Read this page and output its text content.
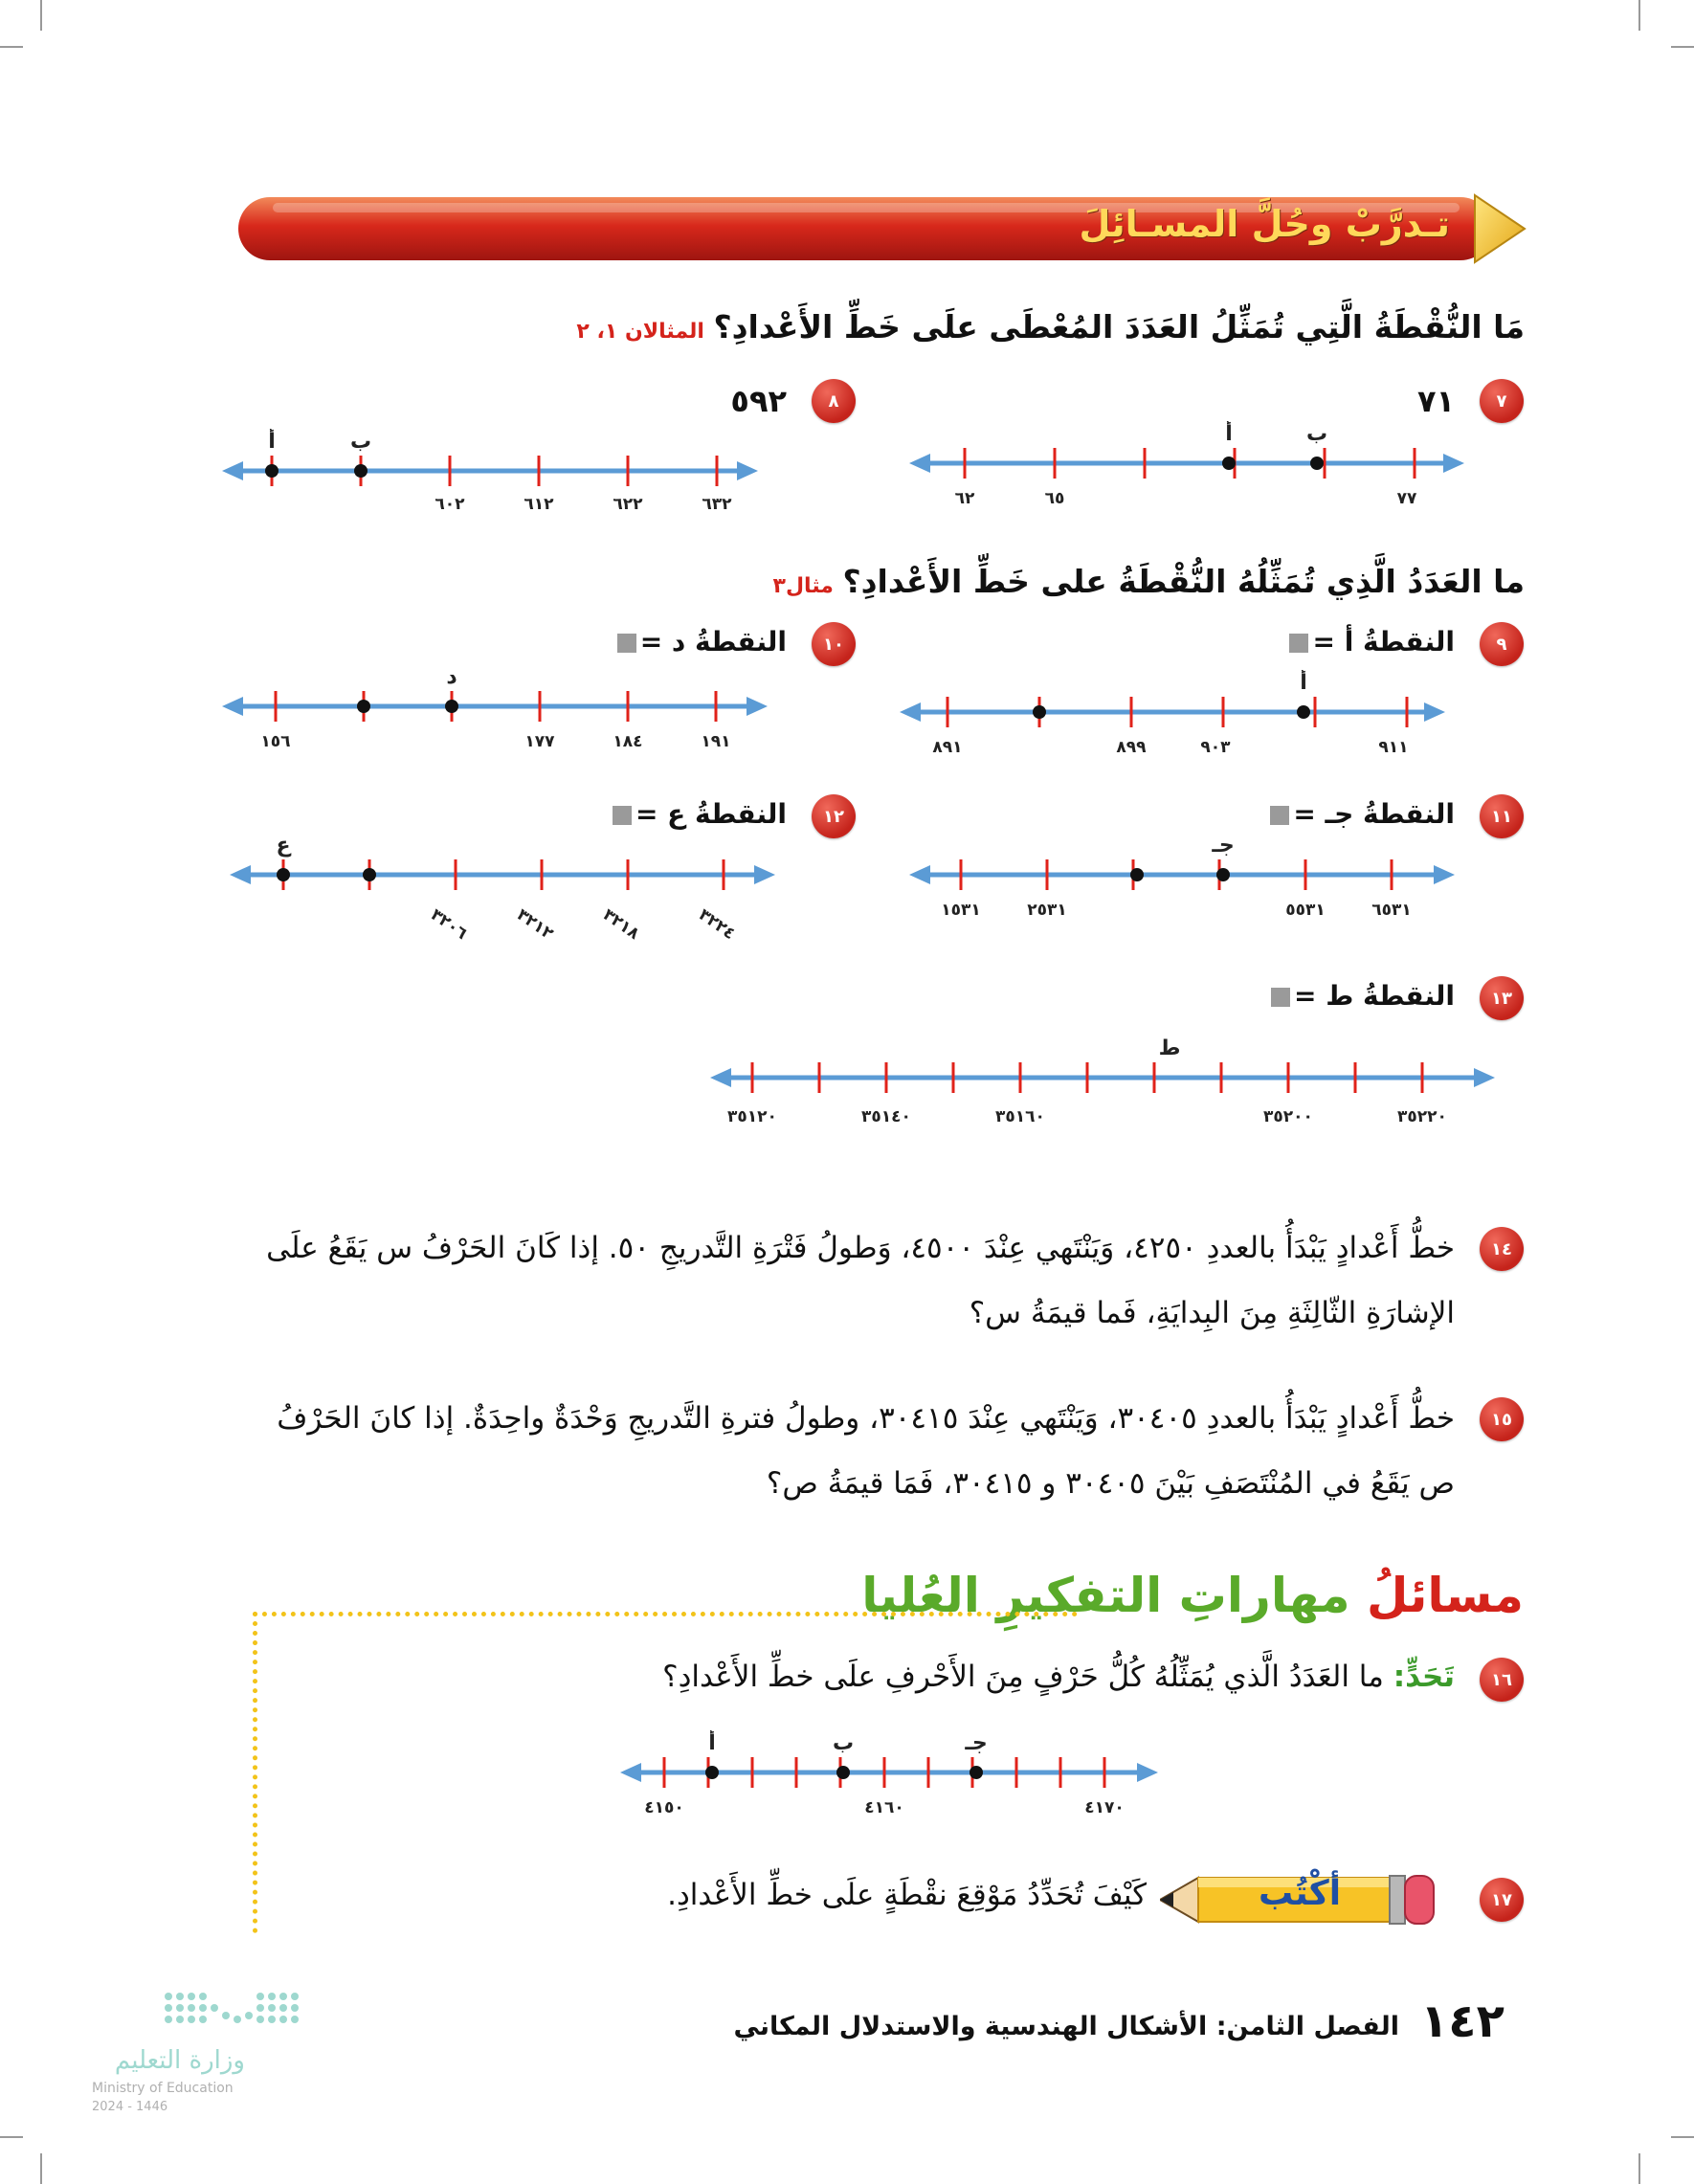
تـدرَّبْ وحُلَّ المسـائِلَ
مَا النُّقْطَةُ الَّتِي تُمَثِّلُ العَدَدَ المُعْطَى علَى خَطِّ الأَعْدادِ؟ المثالان ١، ٢
٧
٧١
أ	ب
٦٢	٦٥	٧٧
٨
٥٩٢
أ	ب
٦٠٢	٦١٢	٦٢٢	٦٣٢
ما العَدَدُ الَّذِي تُمَثِّلُهُ النُّقْطَةُ على خَطِّ الأَعْدادِ؟ مثال٣
٩
النقطةُ أ =
أ
٨٩١	٨٩٩	٩٠٣	٩١١
١٠
النقطةُ د =
د
١٥٦	١٧٧	١٨٤	١٩١
١١
النقطةُ جـ =
جـ
١٥٣١	٢٥٣١	٥٥٣١	٦٥٣١
١٢
النقطةُ ع =
ع
٣٢٠٦	٣٢١٢	٣٢١٨	٣٢٢٤
١٣
النقطةُ ط =
ط
٣٥١٢٠	٣٥١٤٠	٣٥١٦٠	٣٥٢٠٠	٣٥٢٢٠
١٤
خطُّ أَعْدادٍ يَبْدَأُ بالعددِ ٤٢٥٠، وَيَنْتَهي عِنْدَ ٤٥٠٠، وَطولُ فَتْرَةِ التَّدريجِ ٥٠. إذا كَانَ الحَرْفُ س يَقَعُ علَى
الإشارَةِ الثّالِثَةِ مِنَ البِدايَةِ، فَما قيمَةُ س؟
١٥
خطُّ أَعْدادٍ يَبْدَأُ بالعددِ ٣٠٤٠٥، وَيَنْتَهي عِنْدَ ٣٠٤١٥، وطولُ فترةِ التَّدريجِ وَحْدَةٌ واحِدَةٌ. إذا كانَ الحَرْفُ
ص يَقَعُ في المُنْتَصَفِ بَيْنَ ٣٠٤٠٥ و ٣٠٤١٥، فَمَا قيمَةُ ص؟
مسائلُ مهاراتِ التفكيرِ العُليا
١٦
تَحَدٍّ: ما العَدَدُ الَّذي يُمَثِّلُهُ كُلُّ حَرْفٍ مِنَ الأَحْرفِ علَى خطِّ الأَعْدادِ؟
أ	ب	جـ
٤١٥٠	٤١٦٠	٤١٧٠
١٧
أكْتُب
كَيْفَ تُحَدِّدُ مَوْقِعَ نقْطَةٍ علَى خطِّ الأَعْدادِ.
وزارة التعليم
Ministry of Education
2024 - 1446
الفصل الثامن: الأشكال الهندسية والاستدلال المكاني ١٤٢
